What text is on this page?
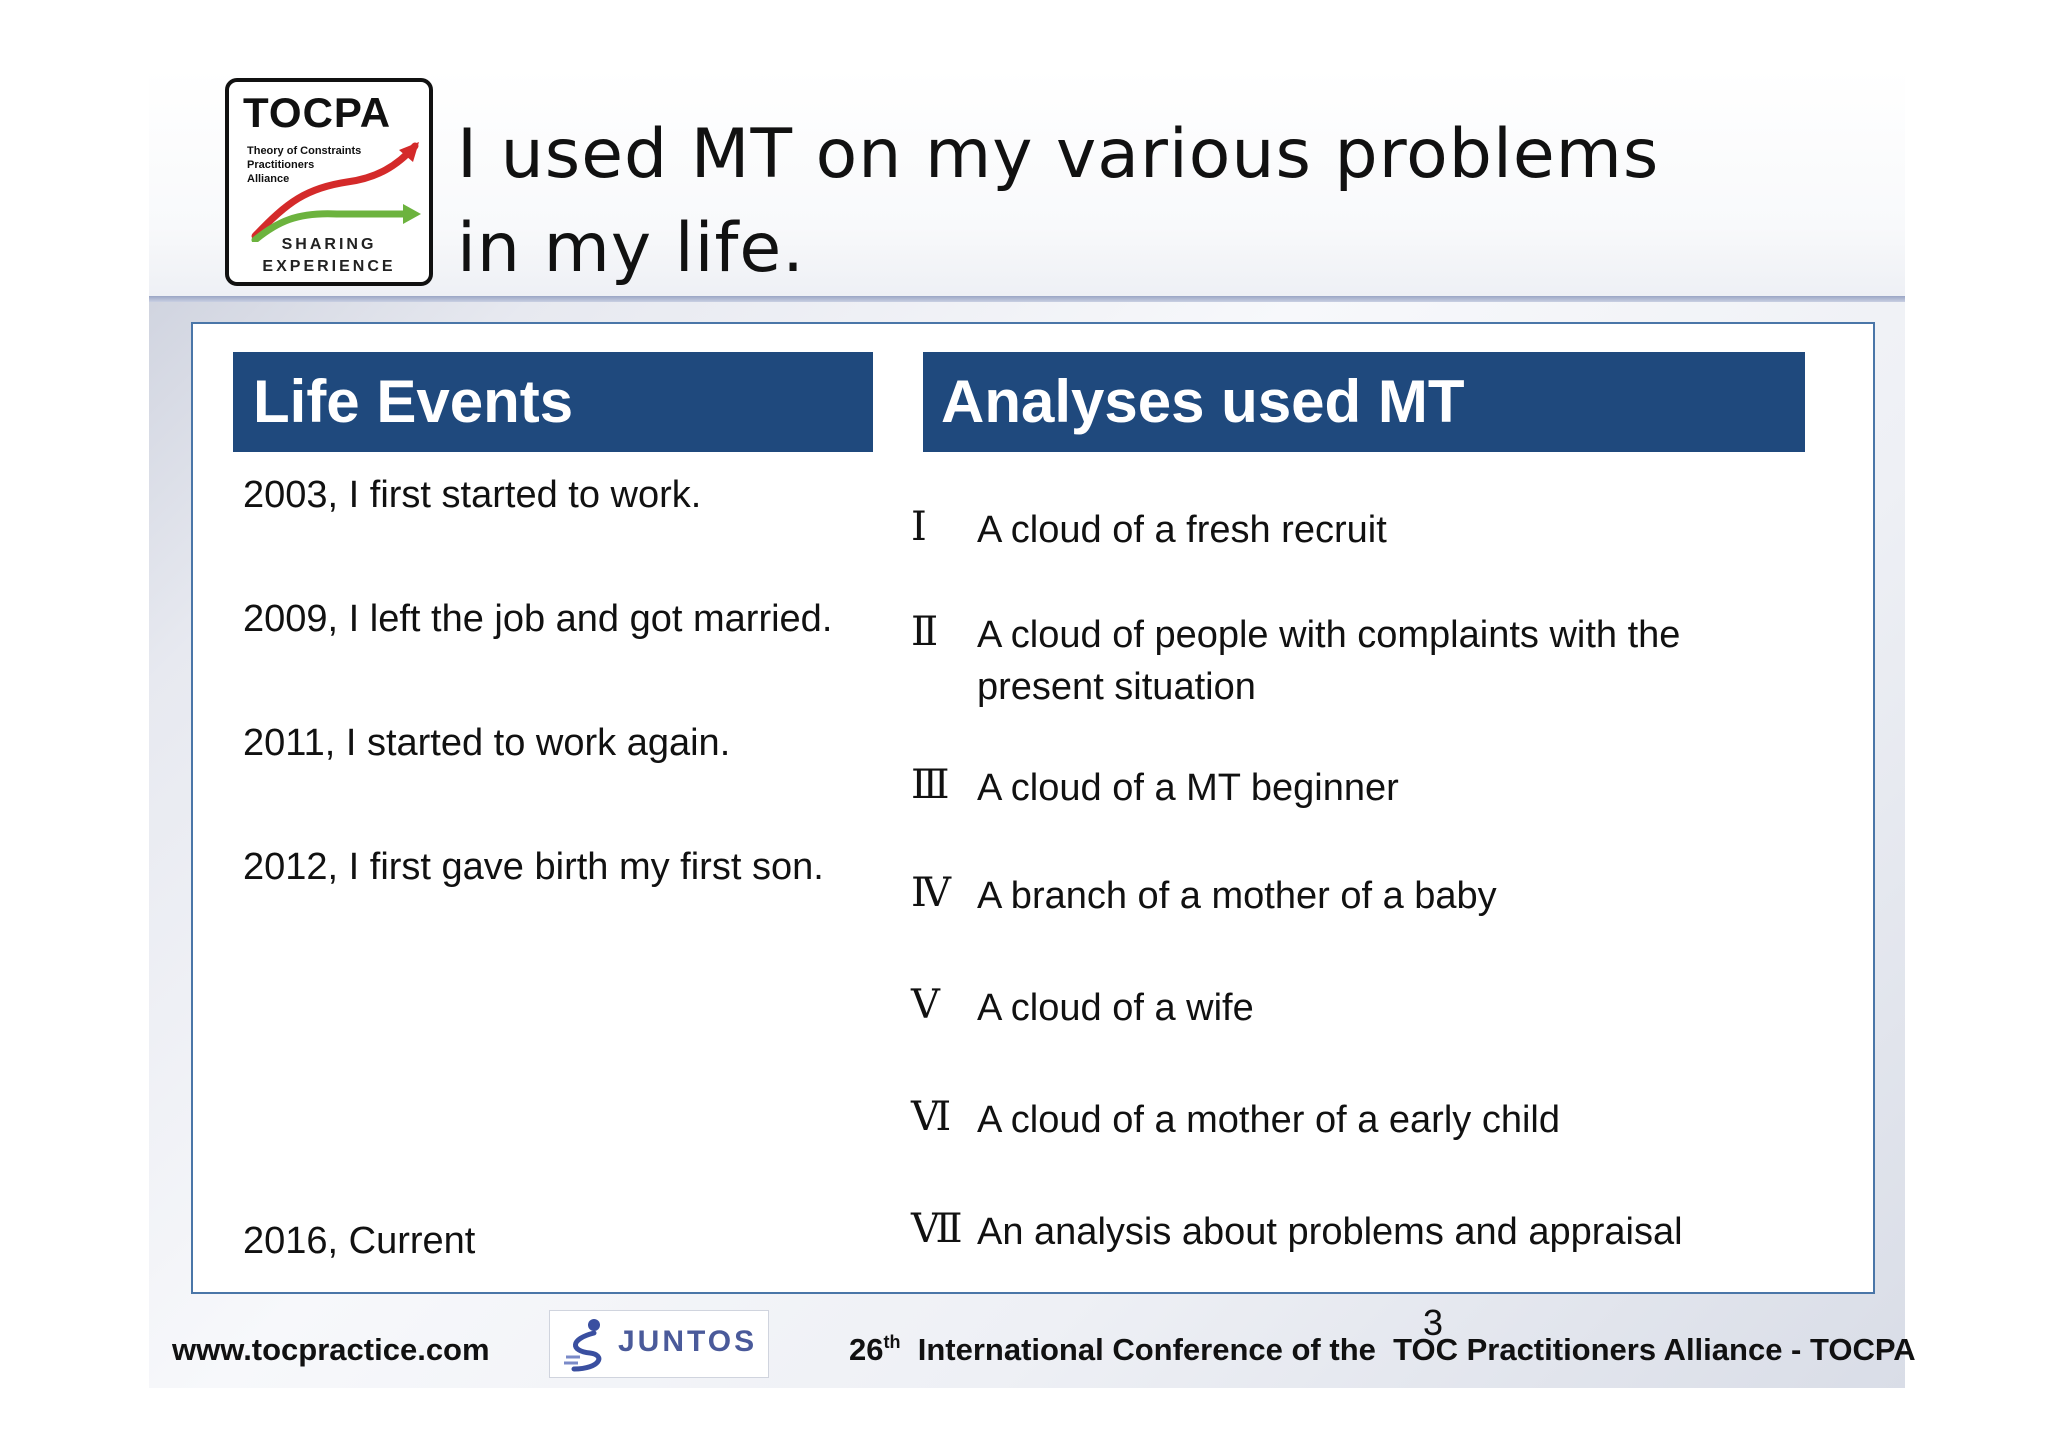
TOCPA
Theory of Constraints
Practitioners
Alliance
SHARING
EXPERIENCE
I used MT on my various problems
in my life.
Life Events	Analyses used MT
2003, I first started to work.
2009, I left the job and got married.
2011, I started to work again.
2012, I first gave birth my first son.
2016, Current
Ⅰ	A cloud of a fresh recruit
Ⅱ	A cloud of people with complaints with the
present situation
Ⅲ A cloud of a MT beginner
Ⅳ A branch of a mother of a baby
Ⅴ A cloud of a wife
Ⅵ A cloud of a mother of a early child
Ⅶ An analysis about problems and appraisal
www.tocpractice.com	JUNTOS	3
26th  International Conference of the  TOC Practitioners Alliance - TOCPA
